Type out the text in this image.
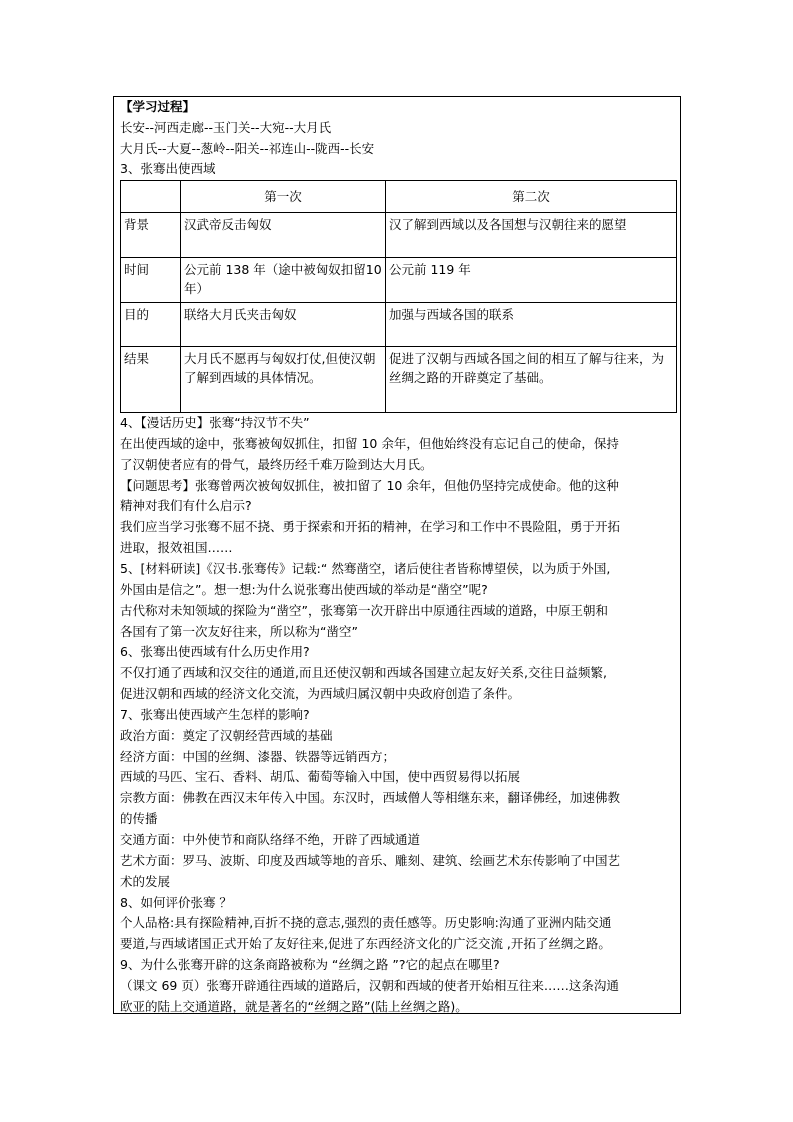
【学习过程】
长安--河西走廊--玉门关--大宛--大月氏
大月氏--大夏--葱岭--阳关--祁连山--陇西--长安
3、张骞出使西域
	第一次	第二次
背景	汉武帝反击匈奴	汉了解到西域以及各国想与汉朝往来的愿望
时间	公元前 138 年（途中被匈奴扣留10年）	公元前 119 年
目的	联络大月氏夹击匈奴	加强与西域各国的联系
结果	大月氏不愿再与匈奴打仗,但使汉朝了解到西域的具体情况。	促进了汉朝与西域各国之间的相互了解与往来，为丝绸之路的开辟奠定了基础。
4、【漫话历史】张骞“持汉节不失”
在出使西域的途中，张骞被匈奴抓住，扣留 10 余年，但他始终没有忘记自己的使命，保持
了汉朝使者应有的骨气，最终历经千难万险到达大月氏。
【问题思考】张骞曾两次被匈奴抓住，被扣留了 10 余年，但他仍坚持完成使命。他的这种
精神对我们有什么启示?
我们应当学习张骞不屈不挠、勇于探索和开拓的精神，在学习和工作中不畏险阻，勇于开拓
进取，报效祖国……
5、[材料研读]《汉书.张骞传》记载:“ 然骞凿空，诸后使往者皆称博望侯，以为质于外国,
外国由是信之”。想一想:为什么说张骞出使西域的举动是“凿空”呢?
古代称对未知领域的探险为“凿空”，张骞第一次开辟出中原通往西域的道路，中原王朝和
各国有了第一次友好往来，所以称为“凿空”
6、张骞出使西域有什么历史作用?
不仅打通了西域和汉交往的通道,而且还使汉朝和西域各国建立起友好关系,交往日益频繁,
促进汉朝和西域的经济文化交流，为西域归属汉朝中央政府创造了条件。
7、张骞出使西域产生怎样的影响?
政治方面：奠定了汉朝经营西域的基础
经济方面：中国的丝绸、漆器、铁器等远销西方；
西域的马匹、宝石、香料、胡瓜、葡萄等输入中国，使中西贸易得以拓展
宗教方面：佛教在西汉末年传入中国。东汉时，西域僧人等相继东来，翻译佛经，加速佛教
的传播
交通方面：中外使节和商队络绎不绝，开辟了西域通道
艺术方面：罗马、波斯、印度及西域等地的音乐、雕刻、建筑、绘画艺术东传影响了中国艺
术的发展
8、如何评价张骞 ？
个人品格:具有探险精神,百折不挠的意志,强烈的责任感等。历史影响:沟通了亚洲内陆交通
要道,与西域诸国正式开始了友好往来,促进了东西经济文化的广泛交流 ,开拓了丝绸之路。
9、为什么张骞开辟的这条商路被称为 “丝绸之路 ”?它的起点在哪里?
（课文 69 页）张骞开辟通往西域的道路后，汉朝和西域的使者开始相互往来……这条沟通
欧亚的陆上交通道路，就是著名的“丝绸之路”(陆上丝绸之路)。
